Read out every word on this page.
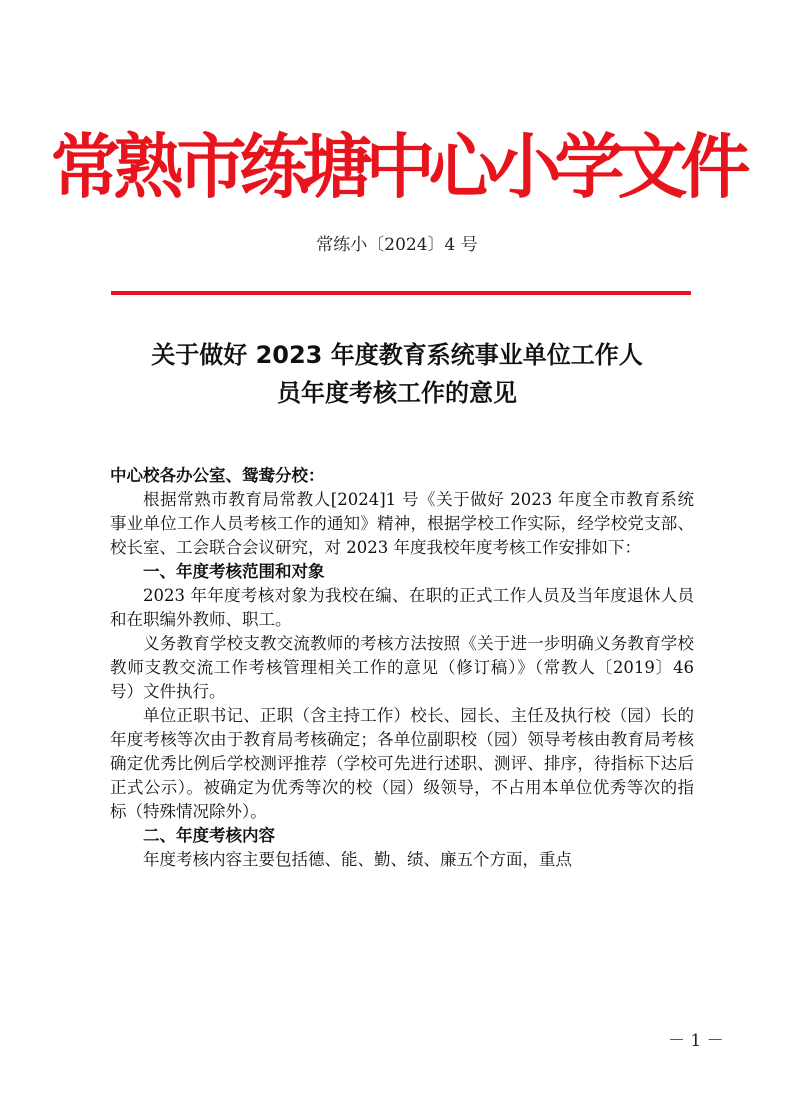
常熟市练塘中心小学文件
常练小〔2024〕4 号
关于做好 2023 年度教育系统事业单位工作人
员年度考核工作的意见

中心校各办公室、鸳鸯分校：

根据常熟市教育局常教人[2024]1 号《关于做好 2023 年度全市教育系统事业单位工作人员考核工作的通知》精神，根据学校工作实际，经学校党支部、校长室、工会联合会议研究，对 2023 年度我校年度考核工作安排如下：

一、年度考核范围和对象

2023 年年度考核对象为我校在编、在职的正式工作人员及当年度退休人员和在职编外教师、职工。

义务教育学校支教交流教师的考核方法按照《关于进一步明确义务教育学校教师支教交流工作考核管理相关工作的意见（修订稿）》（常教人〔2019〕46 号）文件执行。

单位正职书记、正职（含主持工作）校长、园长、主任及执行校（园）长的年度考核等次由于教育局考核确定；各单位副职校（园）领导考核由教育局考核确定优秀比例后学校测评推荐（学校可先进行述职、测评、排序，待指标下达后正式公示）。被确定为优秀等次的校（园）级领导，不占用本单位优秀等次的指标（特殊情况除外）。

二、年度考核内容

年度考核内容主要包括德、能、勤、绩、廉五个方面，重点

－ 1 －
